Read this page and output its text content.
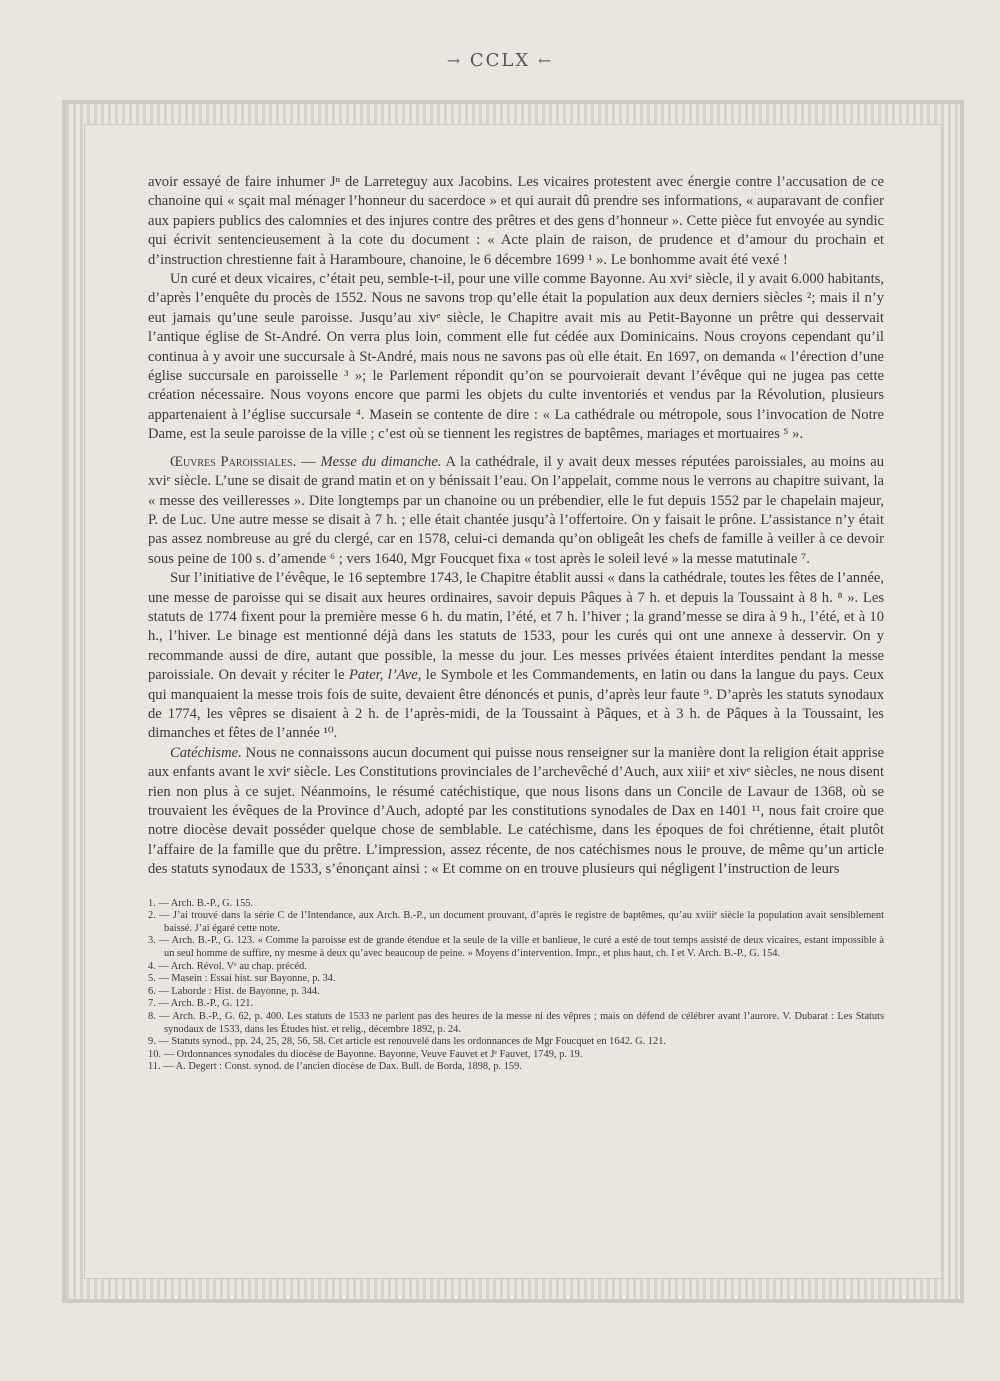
→ CCLX ←

avoir essayé de faire inhumer Jⁿ de Larreteguy aux Jacobins. Les vicaires protestent avec énergie contre l’accusation de ce chanoine qui « sçait mal ménager l’honneur du sacerdoce » et qui aurait dû prendre ses informations, « auparavant de confier aux papiers publics des calomnies et des injures contre des prêtres et des gens d’honneur ». Cette pièce fut envoyée au syndic qui écrivit sentencieusement à la cote du document : « Acte plain de raison, de prudence et d’amour du prochain et d’instruction chrestienne fait à Haramboure, chanoine, le 6 décembre 1699 ¹ ». Le bonhomme avait été vexé !

Un curé et deux vicaires, c’était peu, semble-t-il, pour une ville comme Bayonne. Au xviᵉ siècle, il y avait 6.000 habitants, d’après l’enquête du procès de 1552. Nous ne savons trop qu’elle était la population aux deux derniers siècles ²; mais il n’y eut jamais qu’une seule paroisse. Jusqu’au xivᵉ siècle, le Chapitre avait mis au Petit-Bayonne un prêtre qui desservait l’antique église de St-André. On verra plus loin, comment elle fut cédée aux Dominicains. Nous croyons cependant qu’il continua à y avoir une succursale à St-André, mais nous ne savons pas où elle était. En 1697, on demanda « l’érection d’une église succursale en paroisselle ³ »; le Parlement répondit qu’on se pourvoierait devant l’évêque qui ne jugea pas cette création nécessaire. Nous voyons encore que parmi les objets du culte inventoriés et vendus par la Révolution, plusieurs appartenaient à l’église succursale ⁴. Masein se contente de dire : « La cathédrale ou métropole, sous l’invocation de Notre Dame, est la seule paroisse de la ville ; c’est où se tiennent les registres de baptêmes, mariages et mortuaires ⁵ ».

Œuvres Paroissiales. — Messe du dimanche. A la cathédrale, il y avait deux messes réputées paroissiales, au moins au xviᵉ siècle. L’une se disait de grand matin et on y bénissait l’eau. On l’appelait, comme nous le verrons au chapitre suivant, la « messe des veilleresses ». Dite longtemps par un chanoine ou un prébendier, elle le fut depuis 1552 par le chapelain majeur, P. de Luc. Une autre messe se disait à 7 h. ; elle était chantée jusqu’à l’offertoire. On y faisait le prône. L’assistance n’y était pas assez nombreuse au gré du clergé, car en 1578, celui-ci demanda qu’on obligeât les chefs de famille à veiller à ce devoir sous peine de 100 s. d’amende ⁶ ; vers 1640, Mgr Foucquet fixa « tost après le soleil levé » la messe matutinale ⁷.

Sur l’initiative de l’évêque, le 16 septembre 1743, le Chapitre établit aussi « dans la cathédrale, toutes les fêtes de l’année, une messe de paroisse qui se disait aux heures ordinaires, savoir depuis Pâques à 7 h. et depuis la Toussaint à 8 h. ⁸ ». Les statuts de 1774 fixent pour la première messe 6 h. du matin, l’été, et 7 h. l’hiver ; la grand’messe se dira à 9 h., l’été, et à 10 h., l’hiver. Le binage est mentionné déjà dans les statuts de 1533, pour les curés qui ont une annexe à desservir. On y recommande aussi de dire, autant que possible, la messe du jour. Les messes privées étaient interdites pendant la messe paroissiale. On devait y réciter le Pater, l’Ave, le Symbole et les Commandements, en latin ou dans la langue du pays. Ceux qui manquaient la messe trois fois de suite, devaient être dénoncés et punis, d’après leur faute ⁹. D’après les statuts synodaux de 1774, les vêpres se disaient à 2 h. de l’après-midi, de la Toussaint à Pâques, et à 3 h. de Pâques à la Toussaint, les dimanches et fêtes de l’année ¹⁰.

Catéchisme. Nous ne connaissons aucun document qui puisse nous renseigner sur la manière dont la religion était apprise aux enfants avant le xviᵉ siècle. Les Constitutions provinciales de l’archevêché d’Auch, aux xiiiᵉ et xivᵉ siècles, ne nous disent rien non plus à ce sujet. Néanmoins, le résumé catéchistique, que nous lisons dans un Concile de Lavaur de 1368, où se trouvaient les évêques de la Province d’Auch, adopté par les constitutions synodales de Dax en 1401 ¹¹, nous fait croire que notre diocèse devait posséder quelque chose de semblable. Le catéchisme, dans les époques de foi chrétienne, était plutôt l’affaire de la famille que du prêtre. L’impression, assez récente, de nos catéchismes nous le prouve, de même qu’un article des statuts synodaux de 1533, s’énonçant ainsi : « Et comme on en trouve plusieurs qui négligent l’instruction de leurs

1. — Arch. B.-P., G. 155.
2. — J’ai trouvé dans la série C de l’Intendance, aux Arch. B.-P., un document prouvant, d’après le registre de baptêmes, qu’au xviiiᵉ siècle la population avait sensiblement baissé. J’ai égaré cette note.
3. — Arch. B.-P., G. 123. « Comme la paroisse est de grande étendue et la seule de la ville et banlieue, le curé a esté de tout temps assisté de deux vicaires, estant impossible à un seul homme de suffire, ny mesme à deux qu’avec beaucoup de peine. » Moyens d’intervention. Impr., et plus haut, ch. I et V. Arch. B.-P., G. 154.
4. — Arch. Révol. Vᵉ au chap. précéd.
5. — Masein : Essai hist. sur Bayonne, p. 34.
6. — Laborde : Hist. de Bayonne, p. 344.
7. — Arch. B.-P., G. 121.
8. — Arch. B.-P., G. 62, p. 400. Les statuts de 1533 ne parlent pas des heures de la messe ni des vêpres ; mais on défend de célébrer avant l’aurore. V. Dubarat : Les Statuts synodaux de 1533, dans les Études hist. et relig., décembre 1892, p. 24.
9. — Statuts synod., pp. 24, 25, 28, 56, 58. Cet article est renouvelé dans les ordonnances de Mgr Foucquet en 1642. G. 121.
10. — Ordonnances synodales du diocèse de Bayonne. Bayonne, Veuve Fauvet et Jᵉ Fauvet, 1749, p. 19.
11. — A. Degert : Const. synod. de l’ancien diocèse de Dax. Bull. de Borda, 1898, p. 159.
